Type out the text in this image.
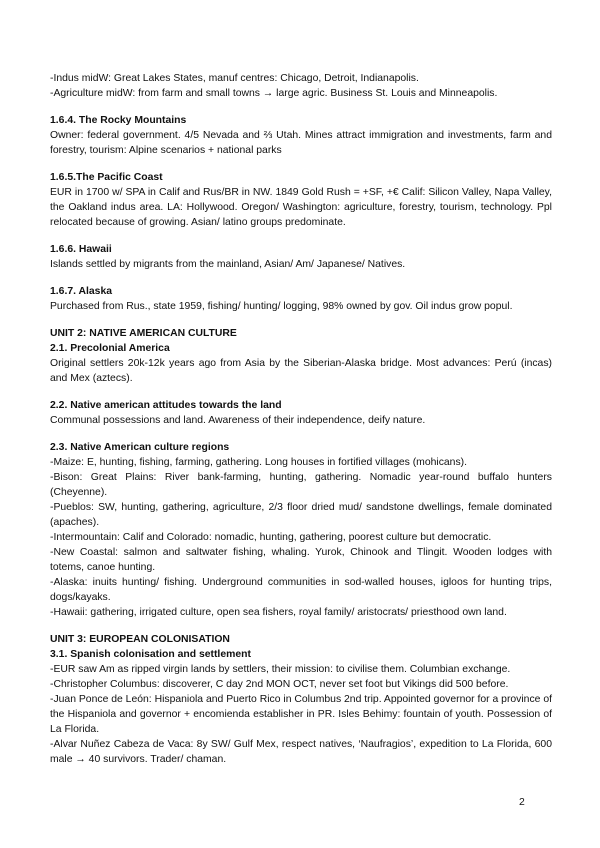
-Indus midW: Great Lakes States, manuf centres: Chicago, Detroit, Indianapolis.

-Agriculture midW: from farm and small towns → large agric. Business St. Louis and Minneapolis.

1.6.4. The Rocky Mountains

Owner: federal government. 4/5 Nevada and ⅔ Utah. Mines attract immigration and investments, farm and forestry, tourism: Alpine scenarios + national parks

1.6.5.The Pacific Coast

EUR in 1700 w/ SPA in Calif and Rus/BR in NW. 1849 Gold Rush = +SF, +€ Calif: Silicon Valley, Napa Valley, the Oakland indus area. LA: Hollywood. Oregon/ Washington: agriculture, forestry, tourism, technology. Ppl relocated because of growing. Asian/ latino groups predominate.

1.6.6. Hawaii

Islands settled by migrants from the mainland, Asian/ Am/ Japanese/ Natives.

1.6.7. Alaska

Purchased from Rus., state 1959, fishing/ hunting/ logging, 98% owned by gov. Oil indus grow popul.

UNIT 2: NATIVE AMERICAN CULTURE

2.1. Precolonial America

Original settlers 20k-12k years ago from Asia by the Siberian-Alaska bridge. Most advances: Perú (incas) and Mex (aztecs).

2.2. Native american attitudes towards the land

Communal possessions and land. Awareness of their independence, deify nature.

2.3. Native American culture regions

-Maize: E, hunting, fishing, farming, gathering. Long houses in fortified villages (mohicans).

-Bison: Great Plains: River bank-farming, hunting, gathering. Nomadic year-round buffalo hunters (Cheyenne).

-Pueblos: SW, hunting, gathering, agriculture, 2/3 floor dried mud/ sandstone dwellings, female dominated (apaches).

-Intermountain: Calif and Colorado: nomadic, hunting, gathering, poorest culture but democratic.

-New Coastal: salmon and saltwater fishing, whaling. Yurok, Chinook and Tlingit. Wooden lodges with totems, canoe hunting.

-Alaska: inuits hunting/ fishing. Underground communities in sod-walled houses, igloos for hunting trips, dogs/kayaks.

-Hawaii: gathering, irrigated culture, open sea fishers, royal family/ aristocrats/ priesthood own land.

UNIT 3: EUROPEAN COLONISATION

3.1. Spanish colonisation and settlement

-EUR saw Am as ripped virgin lands by settlers, their mission: to civilise them. Columbian exchange.

-Christopher Columbus: discoverer, C day 2nd MON OCT, never set foot but Vikings did 500 before.

-Juan Ponce de León: Hispaniola and Puerto Rico in Columbus 2nd trip. Appointed governor for a province of the Hispaniola and governor + encomienda establisher in PR. Isles Behimy: fountain of youth. Possession of La Florida.

-Alvar Nuñez Cabeza de Vaca: 8y SW/ Gulf Mex, respect natives, ‘Naufragios’, expedition to La Florida, 600 male → 40 survivors. Trader/ chaman.

2
